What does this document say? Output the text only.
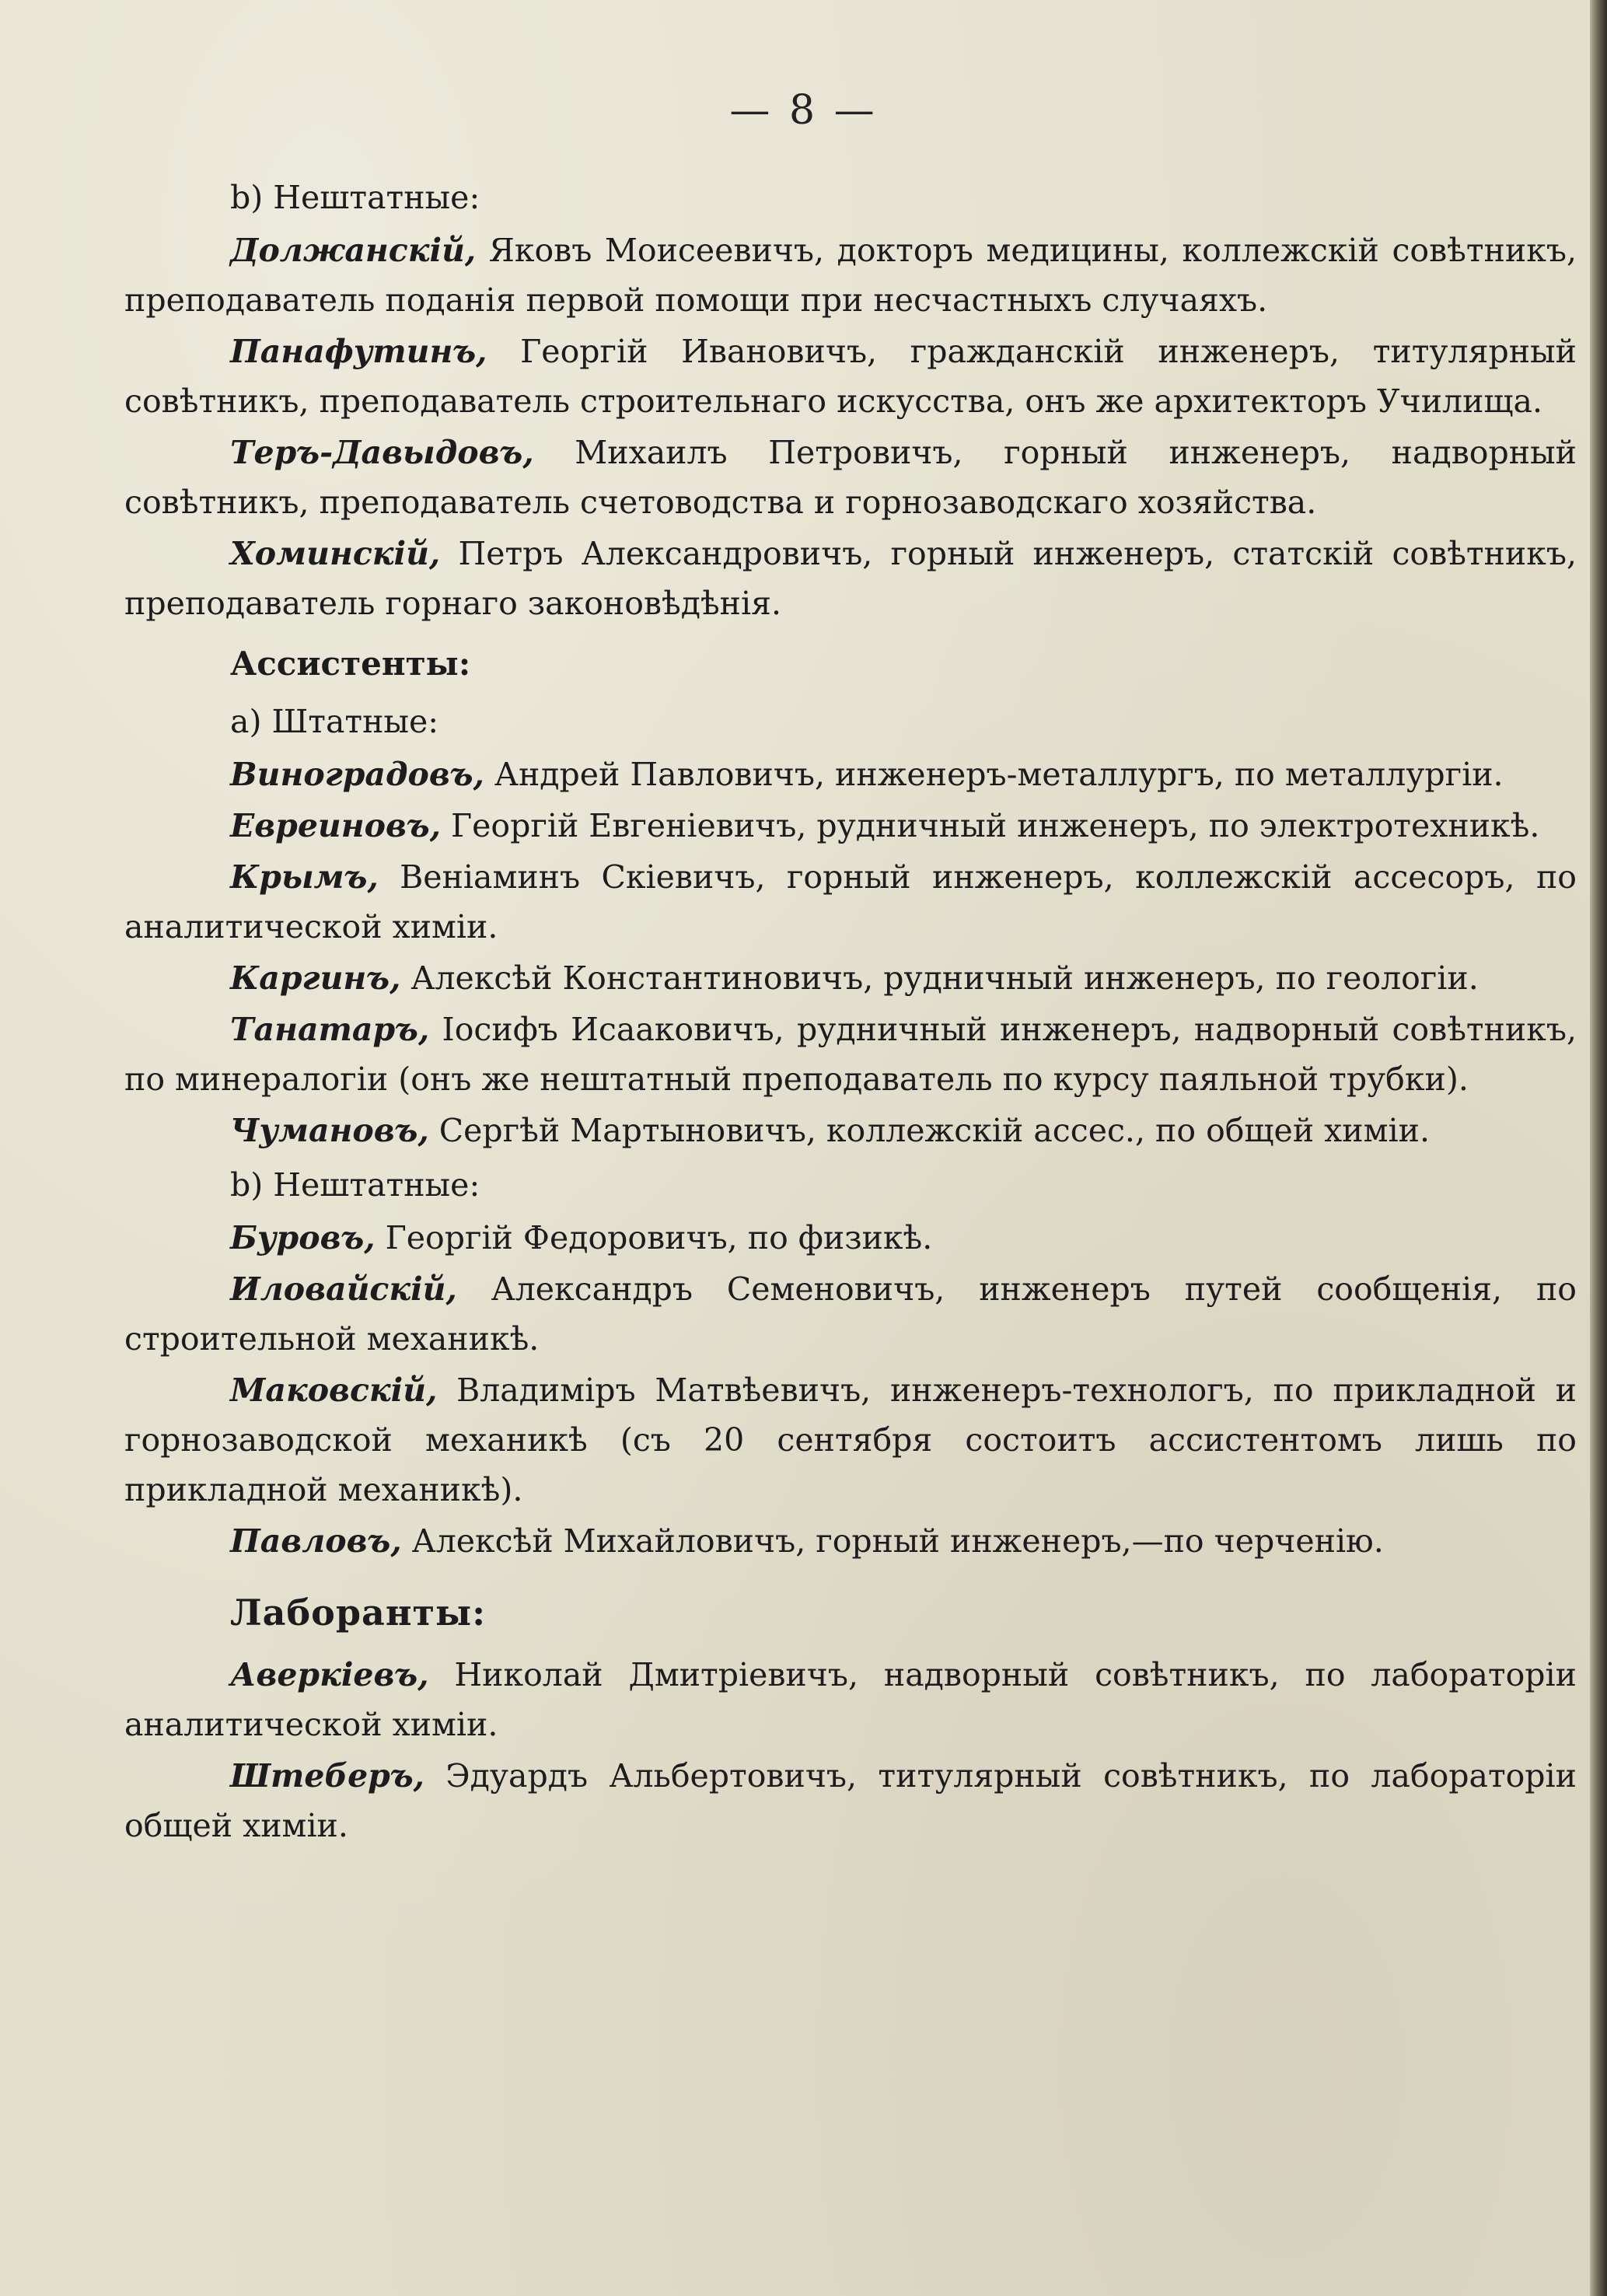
— 8 —
b) Нештатные:

Должанскій, Яковъ Моисеевичъ, докторъ медицины, коллежскій совѣтникъ, преподаватель поданія первой помощи при несчастныхъ случаяхъ.

Панафутинъ, Георгій Ивановичъ, гражданскій инженеръ, титулярный совѣтникъ, преподаватель строительнаго искусства, онъ же архитекторъ Училища.

Теръ-Давыдовъ, Михаилъ Петровичъ, горный инженеръ, надворный совѣтникъ, преподаватель счетоводства и горнозаводскаго хозяйства.

Хоминскій, Петръ Александровичъ, горный инженеръ, статскій совѣтникъ, преподаватель горнаго законовѣдѣнія.

Ассистенты:
а) Штатные:

Виноградовъ, Андрей Павловичъ, инженеръ-металлургъ, по металлургіи.

Евреиновъ, Георгій Евгеніевичъ, рудничный инженеръ, по электротехникѣ.

Крымъ, Веніаминъ Скіевичъ, горный инженеръ, коллежскій ассесоръ, по аналитической химіи.

Каргинъ, Алексѣй Константиновичъ, рудничный инженеръ, по геологіи.

Танатаръ, Іосифъ Исааковичъ, рудничный инженеръ, надворный совѣтникъ, по минералогіи (онъ же нештатный преподаватель по курсу паяльной трубки).

Чумановъ, Сергѣй Мартыновичъ, коллежскій ассес., по общей химіи.

b) Нештатные:

Буровъ, Георгій Федоровичъ, по физикѣ.

Иловайскій, Александръ Семеновичъ, инженеръ путей сообщенія, по строительной механикѣ.

Маковскій, Владиміръ Матвѣевичъ, инженеръ-технологъ, по прикладной и горнозаводской механикѣ (съ 20 сентября состоитъ ассистентомъ лишь по прикладной механикѣ).

Павловъ, Алексѣй Михайловичъ, горный инженеръ,—по черченію.

Лаборанты:

Аверкіевъ, Николай Дмитріевичъ, надворный совѣтникъ, по лабораторіи аналитической химіи.

Штеберъ, Эдуардъ Альбертовичъ, титулярный совѣтникъ, по лабораторіи общей химіи.
